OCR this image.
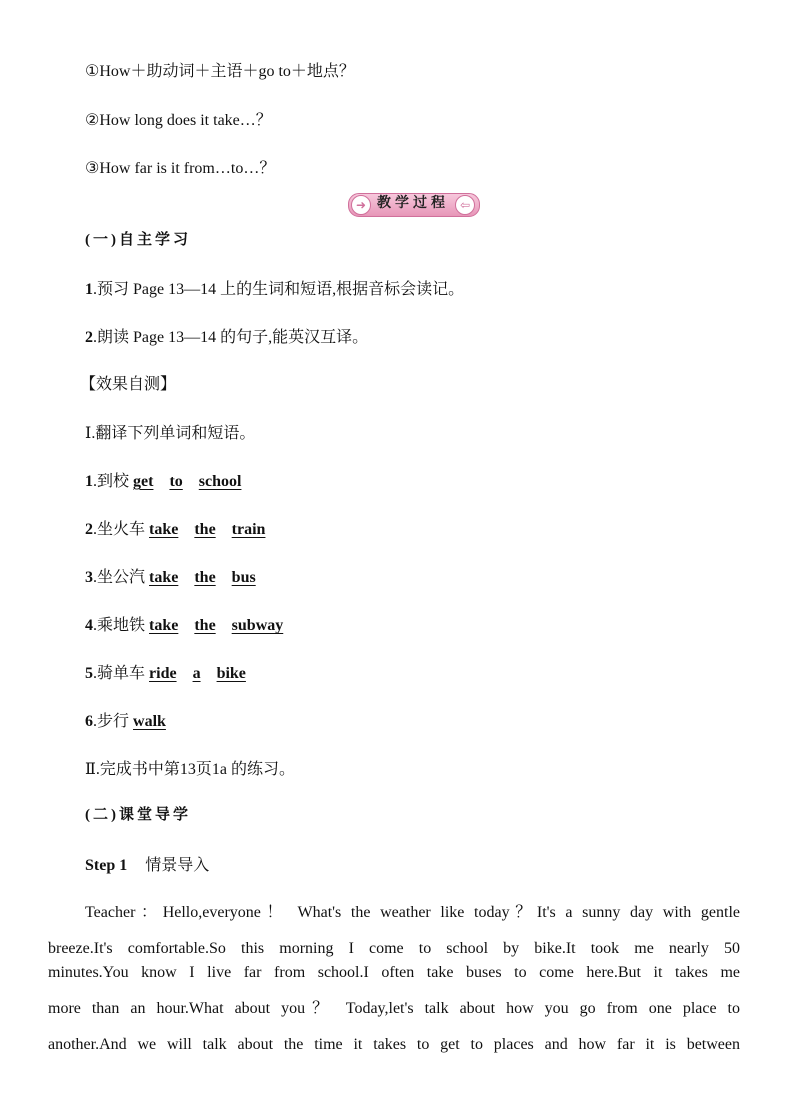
①How＋助动词＋主语＋go to＋地点？
②How long does it take…？
③How far is it from…to…？
➜ 教学过程 ⇦
(一)自主学习
1.预习 Page 13—14 上的生词和短语,根据音标会读记。
2.朗读 Page 13—14 的句子,能英汉互译。
【效果自测】
Ⅰ.翻译下列单词和短语。
1.到校 get to school
2.坐火车 take the train
3.坐公汽 take the bus
4.乘地铁 take the subway
5.骑单车 ride a bike
6.步行 walk
Ⅱ.完成书中第13页1a 的练习。
(二)课堂导学
Step 1 情景导入
Teacher：Hello,everyone！ What's the weather like today？It's a sunny day with gentle
breeze.It's comfortable.So this morning I come to school by bike.It took me nearly 50
minutes.You know I live far from school.I often take buses to come here.But it takes me
more than an hour.What about you？ Today,let's talk about how you go from one place to
another.And we will talk about the time it takes to get to places and how far it is between
